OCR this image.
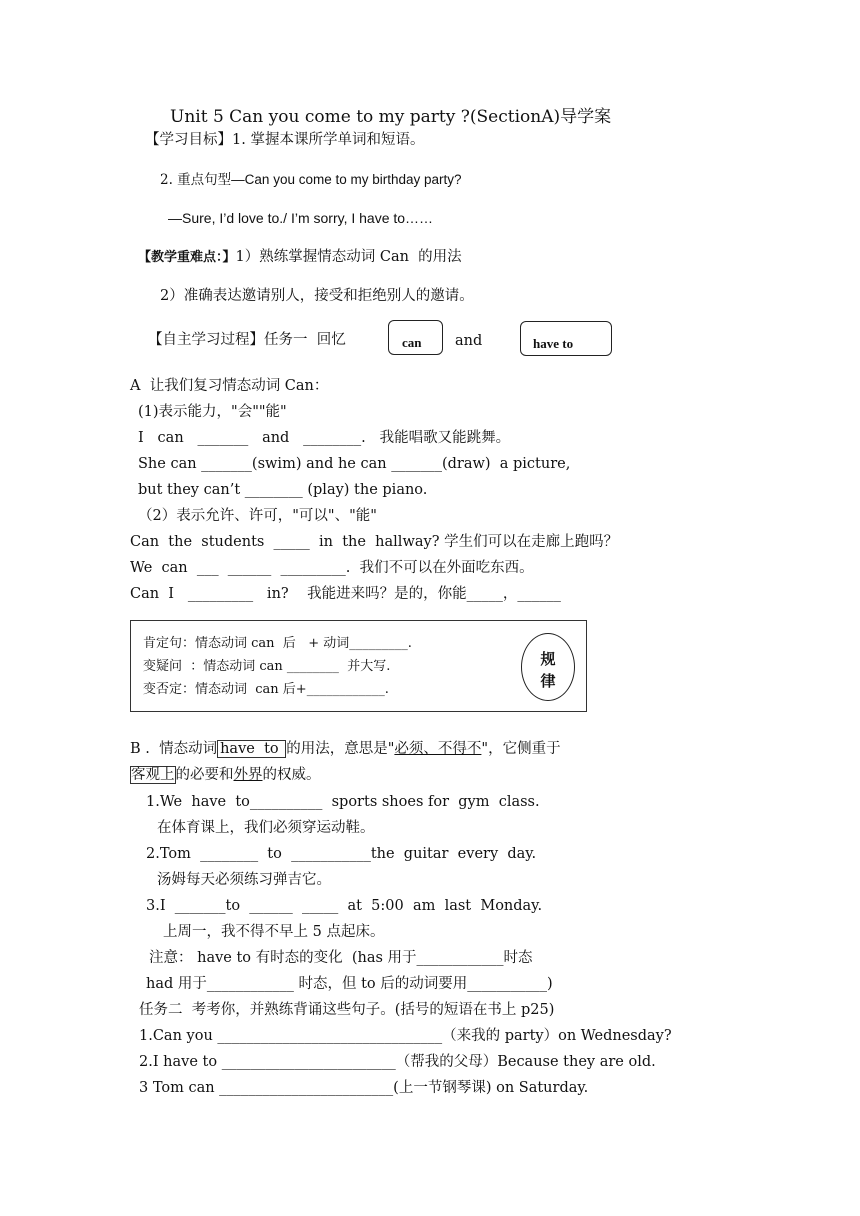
Unit 5 Can you come to my party ?(SectionA)导学案
【学习目标】1. 掌握本课所学单词和短语。
2. 重点句型—Can you come to my birthday party?
—Sure, I’d love to./ I’m sorry, I have to……
【教学重难点：】1）熟练掌握情态动词 Can  的用法
2）准确表达邀请别人，接受和拒绝别人的邀请。
【自主学习过程】任务一  回忆	can and	have to
A  让我们复习情态动词 Can：
(1)表示能力，"会""能"
I   can   _______   and   ________.   我能唱歌又能跳舞。
She can _______(swim) and he can _______(draw)  a picture,
but they can’t ________ (play) the piano.
（2）表示允许、许可，"可以"、"能"
Can  the  students  _____  in  the  hallway? 学生们可以在走廊上跑吗？
We  can  ___  ______  _________.  我们不可以在外面吃东西。
Can  I   _________   in?    我能进来吗？是的，你能_____，______
肯定句：情态动词 can  后   + 动词_________.
变疑问  ：情态动词 can ________  并大写.
变否定：情态动词  can 后+____________.
规
律
B .  情态动词 have  to 的用法，意思是"必须、不得不"，它侧重于
客观上的必要和外界的权威。
1.We  have  to__________  sports shoes for  gym  class.
在体育课上，我们必须穿运动鞋。
2.Tom  ________  to  ___________the  guitar  every  day.
汤姆每天必须练习弹吉它。
3.I  _______to  ______  _____  at  5:00  am  last  Monday.
上周一，我不得不早上 5 点起床。
注意： have to 有时态的变化  (has 用于____________时态
had 用于____________ 时态，但 to 后的动词要用___________)
任务二  考考你，并熟练背诵这些句子。(括号的短语在书上 p25)
1.Can you _______________________________（来我的 party）on Wednesday?
2.I have to ________________________（帮我的父母）Because they are old.
3 Tom can ________________________(上一节钢琴课) on Saturday.
